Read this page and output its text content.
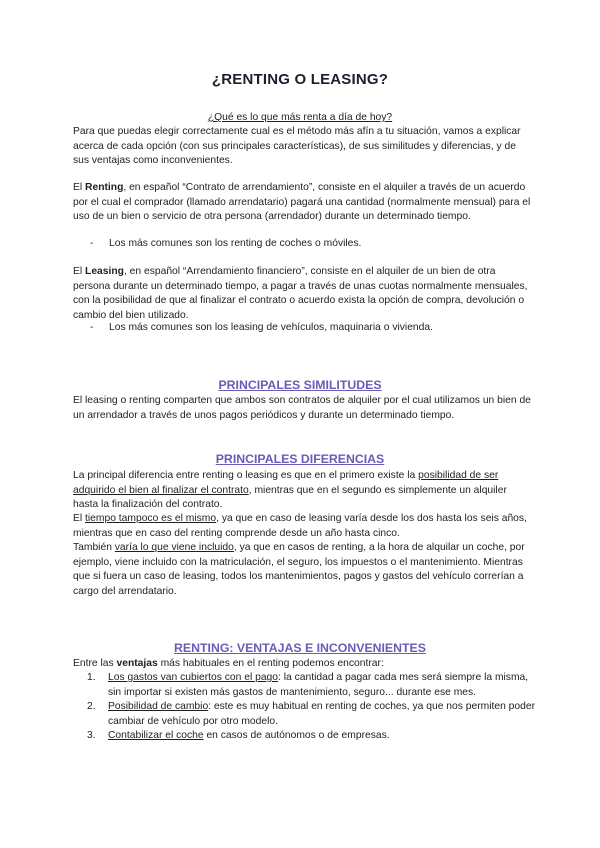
¿RENTING O LEASING?
¿Qué es lo que más renta a día de hoy?

Para que puedas elegir correctamente cual es el método más afín a tu situación, vamos a explicar acerca de cada opción (con sus principales características), de sus similitudes y diferencias, y de sus ventajas como inconvenientes.

El Renting, en español “Contrato de arrendamiento”, consiste en el alquiler a través de un acuerdo por el cual el comprador (llamado arrendatario) pagará una cantidad (normalmente mensual) para el uso de un bien o servicio de otra persona (arrendador) durante un determinado tiempo.

- Los más comunes son los renting de coches o móviles.

El Leasing, en español “Arrendamiento financiero”, consiste en el alquiler de un bien de otra persona durante un determinado tiempo, a pagar a través de unas cuotas normalmente mensuales, con la posibilidad de que al finalizar el contrato o acuerdo exista la opción de compra, devolución o cambio del bien utilizado.

- Los más comunes son los leasing de vehículos, maquinaria o vivienda.
PRINCIPALES SIMILITUDES

El leasing o renting comparten que ambos son contratos de alquiler por el cual utilizamos un bien de un arrendador a través de unos pagos periódicos y durante un determinado tiempo.

PRINCIPALES DIFERENCIAS

La principal diferencia entre renting o leasing es que en el primero existe la posibilidad de ser adquirido el bien al finalizar el contrato, mientras que en el segundo es simplemente un alquiler hasta la finalización del contrato.

El tiempo tampoco es el mismo, ya que en caso de leasing varía desde los dos hasta los seis años, mientras que en caso del renting comprende desde un año hasta cinco.

También varía lo que viene incluido, ya que en casos de renting, a la hora de alquilar un coche, por ejemplo, viene incluido con la matriculación, el seguro, los impuestos o el mantenimiento. Mientras que si fuera un caso de leasing, todos los mantenimientos, pagos y gastos del vehículo correrían a cargo del arrendatario.

RENTING: VENTAJAS E INCONVENIENTES

Entre las ventajas más habituales en el renting podemos encontrar:

1. Los gastos van cubiertos con el pago: la cantidad a pagar cada mes será siempre la misma, sin importar si existen más gastos de mantenimiento, seguro... durante ese mes.
2. Posibilidad de cambio: este es muy habitual en renting de coches, ya que nos permiten poder cambiar de vehículo por otro modelo.
3. Contabilizar el coche en casos de autónomos o de empresas.
